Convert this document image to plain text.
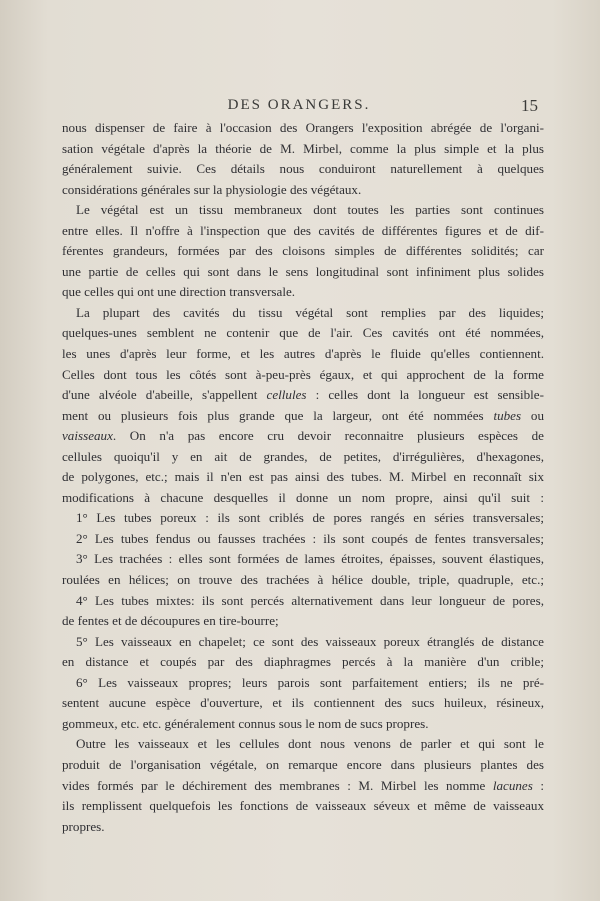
DES ORANGERS.	15

nous dispenser de faire à l'occasion des Orangers l'exposition abrégée de l'organi-
sation végétale d'après la théorie de M. Mirbel, comme la plus simple et la plus
généralement suivie. Ces détails nous conduiront naturellement à quelques
considérations générales sur la physiologie des végétaux.

Le végétal est un tissu membraneux dont toutes les parties sont continues
entre elles. Il n'offre à l'inspection que des cavités de différentes figures et de dif-
férentes grandeurs, formées par des cloisons simples de différentes solidités; car
une partie de celles qui sont dans le sens longitudinal sont infiniment plus solides
que celles qui ont une direction transversale.

La plupart des cavités du tissu végétal sont remplies par des liquides;
quelques-unes semblent ne contenir que de l'air. Ces cavités ont été nommées,
les unes d'après leur forme, et les autres d'après le fluide qu'elles contiennent.
Celles dont tous les côtés sont à-peu-près égaux, et qui approchent de la forme
d'une alvéole d'abeille, s'appellent cellules : celles dont la longueur est sensible-
ment ou plusieurs fois plus grande que la largeur, ont été nommées tubes ou
vaisseaux. On n'a pas encore cru devoir reconnaitre plusieurs espèces de
cellules quoiqu'il y en ait de grandes, de petites, d'irrégulières, d'hexagones,
de polygones, etc.; mais il n'en est pas ainsi des tubes. M. Mirbel en reconnaît six
modifications à chacune desquelles il donne un nom propre, ainsi qu'il suit :

1° Les tubes poreux : ils sont criblés de pores rangés en séries transversales;

2° Les tubes fendus ou fausses trachées : ils sont coupés de fentes transversales;

3° Les trachées : elles sont formées de lames étroites, épaisses, souvent élastiques,
roulées en hélices; on trouve des trachées à hélice double, triple, quadruple, etc.;

4° Les tubes mixtes: ils sont percés alternativement dans leur longueur de pores,
de fentes et de découpures en tire-bourre;

5° Les vaisseaux en chapelet; ce sont des vaisseaux poreux étranglés de distance
en distance et coupés par des diaphragmes percés à la manière d'un crible;

6° Les vaisseaux propres; leurs parois sont parfaitement entiers; ils ne pré-
sentent aucune espèce d'ouverture, et ils contiennent des sucs huileux, résineux,
gommeux, etc. etc. généralement connus sous le nom de sucs propres.

Outre les vaisseaux et les cellules dont nous venons de parler et qui sont le
produit de l'organisation végétale, on remarque encore dans plusieurs plantes des
vides formés par le déchirement des membranes : M. Mirbel les nomme lacunes :
ils remplissent quelquefois les fonctions de vaisseaux séveux et même de vaisseaux
propres.
